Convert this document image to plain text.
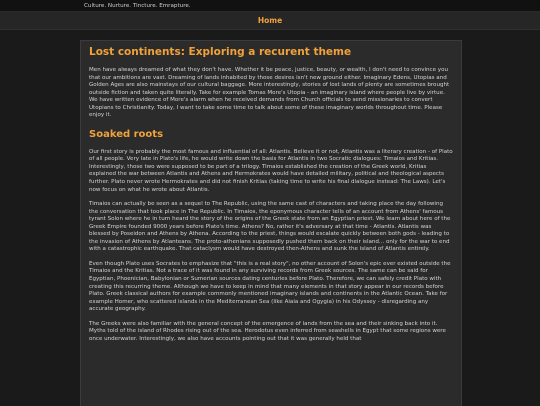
Culture. Nurture. Tincture. Emrapture.
Home
Lost continents: Exploring a recurent theme

Men have always dreamed of what they don't have. Whether it be peace, justice, beauty, or wealth, I don't need to convince you that our ambitions are vast. Dreaming of lands inhabited by those desires isn't new ground either. Imaginary Edens, Utopias and Golden Ages are also mainstays of our cultural baggage. More interestingly, stories of lost lands of plenty are sometimes brought outside fiction and taken quite literally. Take for example Tomas More's Utopia - an imaginary island where people live by virtue. We have written evidence of More's alarm when he received demands from Church officials to send missionaries to convert Utopians to Christianity. Today, I want to take some time to talk about some of these imaginary worlds throughout time. Please enjoy it.

Soaked roots

Our first story is probably the most famous and influential of all: Atlantis. Believe it or not, Atlantis was a literary creation - of Plato of all people. Very late in Plato's life, he would write down the basis for Atlantis in two Socratic dialogues: Timaios and Kritias. Interestingly, those two were supposed to be part of a trilogy. Timaios established the creation of the Greek world, Kritias explained the war between Atlantis and Athens and Hermokrates would have detailed military, political and theological aspects further. Plato never wrote Hermokrates and did not finish Kritias (taking time to write his final dialogue instead: The Laws). Let's now focus on what he wrote about Atlantis.

Timaios can actually be seen as a sequel to The Republic, using the same cast of characters and taking place the day following the conversation that took place in The Republic. In Timaios, the eponymous character tells of an account from Athens' famous tyrant Solon where he in turn heard the story of the origins of the Greek state from an Egyptian priest. We learn about here of the Greek Empire founded 9000 years before Plato's time. Athens? No, rather it's adversary at that time - Atlantis. Atlantis was blessed by Poseidon and Athens by Athena. According to the priest, things would escalate quickly between both gods - leading to the invasion of Athens by Atlanteans. The proto-athenians supposedly pushed them back on their island... only for the war to end with a catastrophic earthquake. That cataclysm would have destroyed then-Athens and sunk the island of Atlantis entirely.

Even though Plato uses Socrates to emphasize that "this is a real story", no other account of Solon's epic ever existed outside the Timaios and the Kritias. Not a trace of it was found in any surviving records from Greek sources. The same can be said for Egyptian, Phoenician, Babylonian or Sumerian sources dating centuries before Plato. Therefore, we can safely credit Plato with creating this recurring theme. Although we have to keep in mind that many elements in that story appear in our records before Plato. Greek classical authors for example commonly mentioned imaginary islands and continents in the Atlantic Ocean. Take for example Homer, who scattered islands in the Mediterranean Sea (like Aiaia and Ogygia) in his Odyssey - disregarding any accurate geography.

The Greeks were also familiar with the general concept of the emergence of lands from the sea and their sinking back into it. Myths told of the island of Rhodes rising out of the sea. Herodotus even inferred from seashells in Egypt that some regions were once underwater. Interestingly, we also have accounts pointing out that it was generally held that
